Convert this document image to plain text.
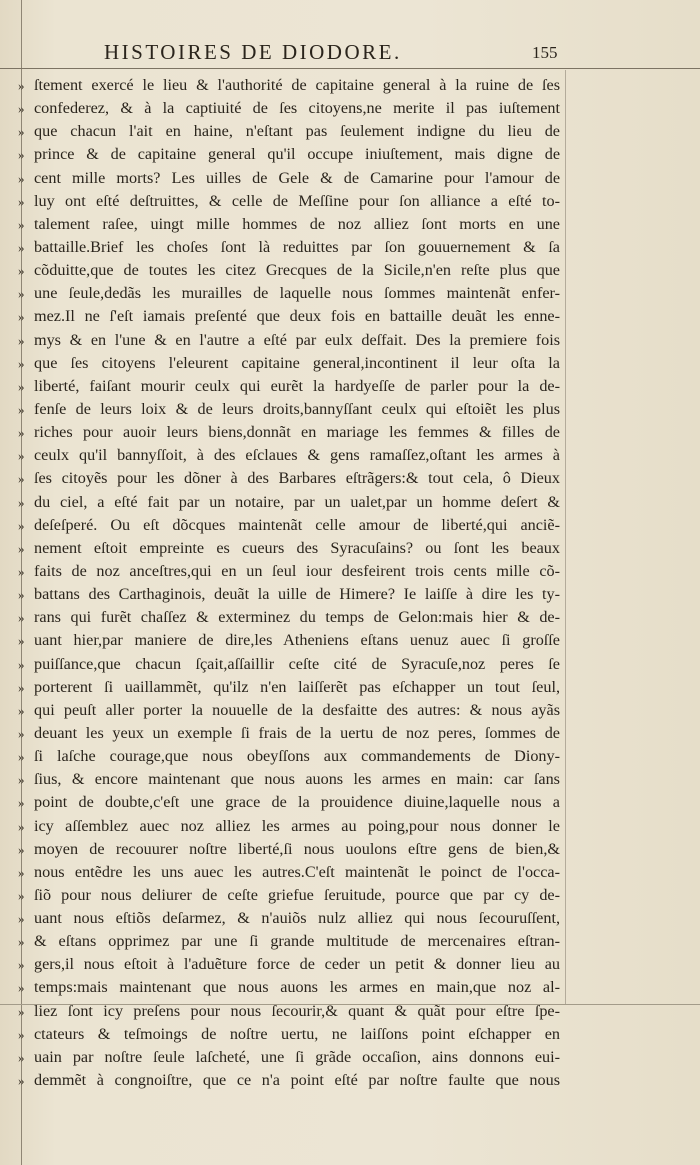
HISTOIRES DE DIODORE.	155
» ſtement exercé le lieu & l'authorité de capitaine general à la ruine de ſes
» confederez, & à la captiuité de ſes citoyens,ne merite il pas iuſtement
» que chacun l'ait en haine, n'eſtant pas ſeulement indigne du lieu de
» prince & de capitaine general qu'il occupe iniuſtement, mais digne de
» cent mille morts? Les uilles de Gele & de Camarine pour l'amour de
» luy ont eſté deſtruittes, & celle de Meſſine pour ſon alliance a eſté to-
» talement raſee, uingt mille hommes de noz alliez ſont morts en une
» battaille.Brief les choſes ſont là reduittes par ſon gouuernement & ſa
» cõduitte,que de toutes les citez Grecques de la Sicile,n'en reſte plus que
» une ſeule,dedãs les murailles de laquelle nous ſommes maintenãt enfer-
» mez.Il ne ſ'eſt iamais preſenté que deux fois en battaille deuãt les enne-
» mys & en l'une & en l'autre a eſté par eulx deſfait. Des la premiere fois
» que ſes citoyens l'eleurent capitaine general,incontinent il leur oſta la
» liberté, faiſant mourir ceulx qui eurẽt la hardyeſſe de parler pour la de-
» fenſe de leurs loix & de leurs droits,bannyſſant ceulx qui eſtoiẽt les plus
» riches pour auoir leurs biens,donnãt en mariage les femmes & filles de
» ceulx qu'il bannyſſoit, à des eſclaues & gens ramaſſez,oſtant les armes à
» ſes citoyẽs pour les dõner à des Barbares eſtrãgers:& tout cela, ô Dieux
» du ciel, a eſté fait par un notaire, par un ualet,par un homme deſert &
» deſeſperé. Ou eſt dõcques maintenãt celle amour de liberté,qui anciẽ-
» nement eſtoit empreinte es cueurs des Syracuſains? ou ſont les beaux
» faits de noz anceſtres,qui en un ſeul iour desfeirent trois cents mille cõ-
» battans des Carthaginois, deuãt la uille de Himere? Ie laiſſe à dire les ty-
» rans qui furẽt chaſſez & exterminez du temps de Gelon:mais hier & de-
» uant hier,par maniere de dire,les Atheniens eſtans uenuz auec ſi groſſe
» puiſſance,que chacun ſçait,aſſaillir ceſte cité de Syracuſe,noz peres ſe
» porterent ſi uaillammẽt, qu'ilz n'en laiſſerẽt pas eſchapper un tout ſeul,
» qui peuſt aller porter la nouuelle de la desfaitte des autres: & nous ayãs
» deuant les yeux un exemple ſi frais de la uertu de noz peres, ſommes de
» ſi laſche courage,que nous obeyſſons aux commandements de Diony-
» ſius, & encore maintenant que nous auons les armes en main: car ſans
» point de doubte,c'eſt une grace de la prouidence diuine,laquelle nous a
» icy aſſemblez auec noz alliez les armes au poing,pour nous donner le
» moyen de recouurer noſtre liberté,ſi nous uoulons eſtre gens de bien,&
» nous entẽdre les uns auec les autres.C'eſt maintenãt le poinct de l'occa-
» ſiõ pour nous deliurer de ceſte griefue ſeruitude, pource que par cy de-
» uant nous eſtiõs deſarmez, & n'auiõs nulz alliez qui nous ſecouruſſent,
» & eſtans opprimez par une ſi grande multitude de mercenaires eſtran-
» gers,il nous eſtoit à l'aduẽture force de ceder un petit & donner lieu au
» temps:mais maintenant que nous auons les armes en main,que noz al-
» liez ſont icy preſens pour nous ſecourir,& quant & quãt pour eſtre ſpe-
» ctateurs & teſmoings de noſtre uertu, ne laiſſons point eſchapper en
» uain par noſtre ſeule laſcheté, une ſi grãde occaſion, ains donnons eui-
» demmẽt à congnoiſtre, que ce n'a point eſté par noſtre faulte que nous
